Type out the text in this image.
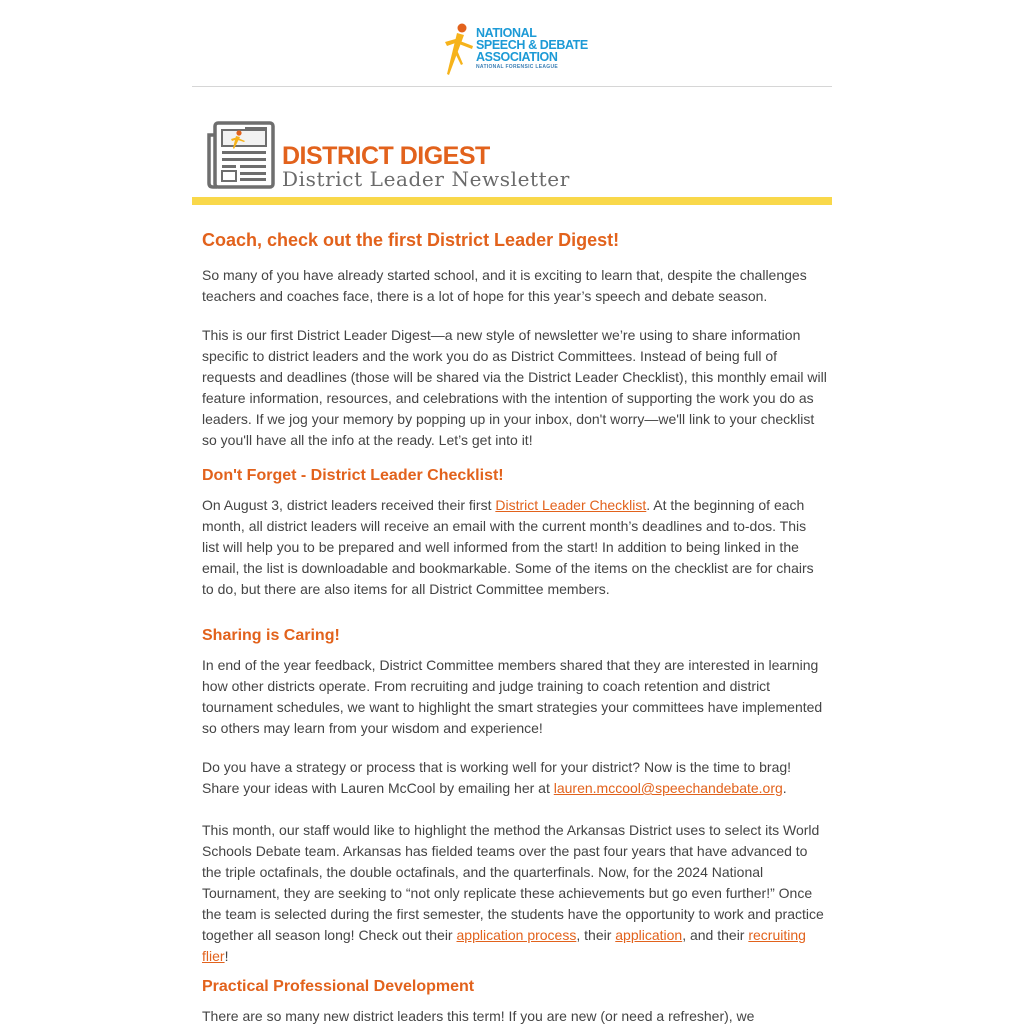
NATIONAL
SPEECH & DEBATE
ASSOCIATION
NATIONAL FORENSIC LEAGUE
DISTRICT DIGEST
District Leader Newsletter
Coach, check out the first District Leader Digest!
So many of you have already started school, and it is exciting to learn that, despite the challenges teachers and coaches face, there is a lot of hope for this year’s speech and debate season.
This is our first District Leader Digest—a new style of newsletter we’re using to share information specific to district leaders and the work you do as District Committees. Instead of being full of requests and deadlines (those will be shared via the District Leader Checklist), this monthly email will feature information, resources, and celebrations with the intention of supporting the work you do as leaders. If we jog your memory by popping up in your inbox, don't worry—we'll link to your checklist so you'll have all the info at the ready. Let’s get into it!
Don't Forget - District Leader Checklist!
On August 3, district leaders received their first District Leader Checklist. At the beginning of each month, all district leaders will receive an email with the current month’s deadlines and to-dos. This list will help you to be prepared and well informed from the start! In addition to being linked in the email, the list is downloadable and bookmarkable. Some of the items on the checklist are for chairs to do, but there are also items for all District Committee members.
Sharing is Caring!
In end of the year feedback, District Committee members shared that they are interested in learning how other districts operate. From recruiting and judge training to coach retention and district tournament schedules, we want to highlight the smart strategies your committees have implemented so others may learn from your wisdom and experience!
Do you have a strategy or process that is working well for your district? Now is the time to brag! Share your ideas with Lauren McCool by emailing her at lauren.mccool@speechandebate.org.
This month, our staff would like to highlight the method the Arkansas District uses to select its World Schools Debate team. Arkansas has fielded teams over the past four years that have advanced to the triple octafinals, the double octafinals, and the quarterfinals. Now, for the 2024 National Tournament, they are seeking to “not only replicate these achievements but go even further!” Once the team is selected during the first semester, the students have the opportunity to work and practice together all season long! Check out their application process, their application, and their recruiting flier!
Practical Professional Development
There are so many new district leaders this term! If you are new (or need a refresher), we
